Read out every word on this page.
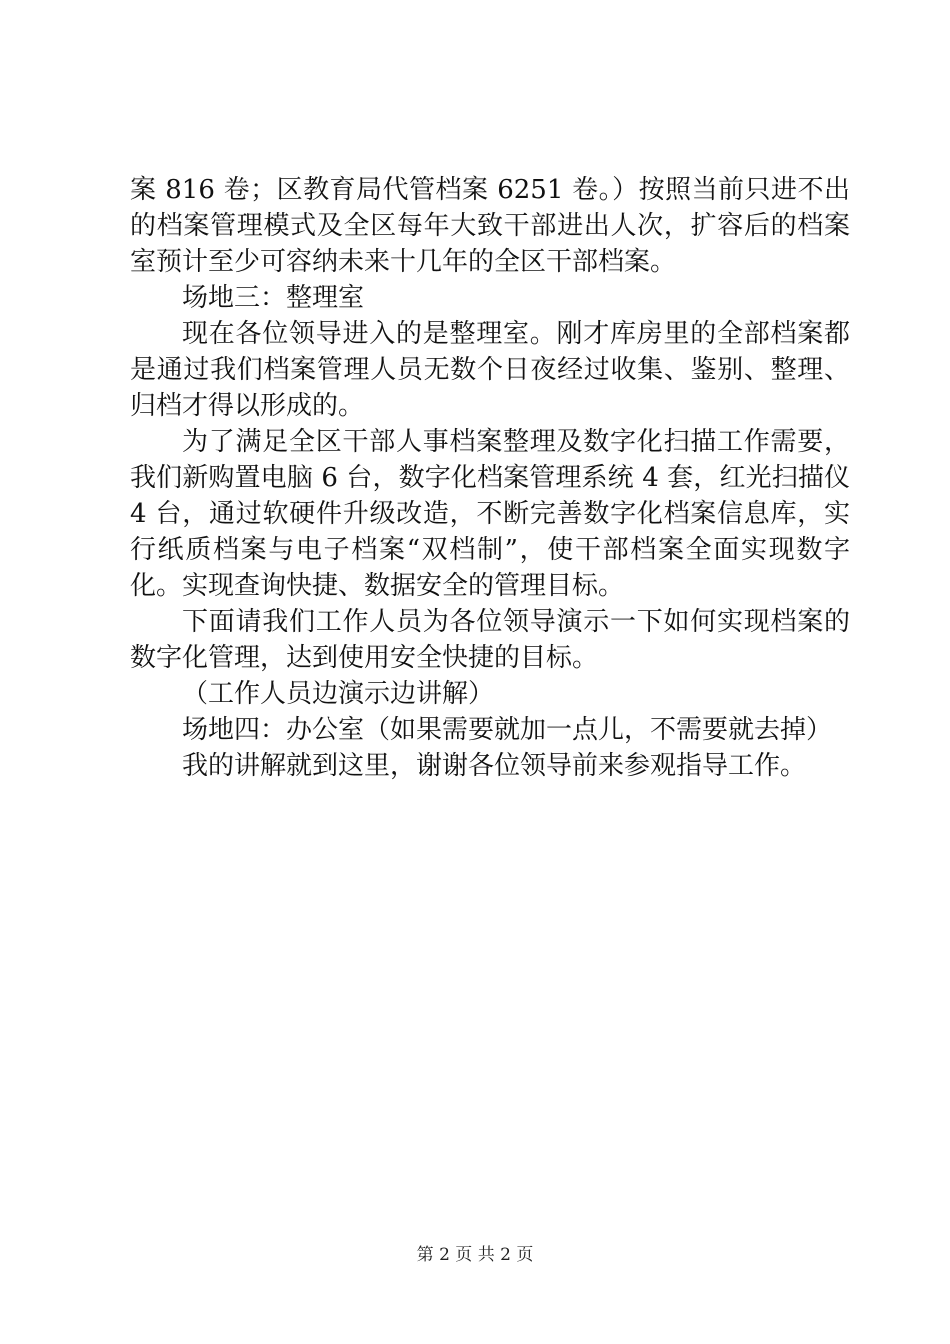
案 816 卷；区教育局代管档案 6251 卷。）按照当前只进不出的档案管理模式及全区每年大致干部进出人次，扩容后的档案室预计至少可容纳未来十几年的全区干部档案。

场地三：整理室

现在各位领导进入的是整理室。刚才库房里的全部档案都是通过我们档案管理人员无数个日夜经过收集、鉴别、整理、归档才得以形成的。

为了满足全区干部人事档案整理及数字化扫描工作需要，我们新购置电脑 6 台，数字化档案管理系统 4 套，红光扫描仪 4 台，通过软硬件升级改造，不断完善数字化档案信息库，实行纸质档案与电子档案“双档制”，使干部档案全面实现数字化。实现查询快捷、数据安全的管理目标。

下面请我们工作人员为各位领导演示一下如何实现档案的数字化管理，达到使用安全快捷的目标。

（工作人员边演示边讲解）

场地四：办公室（如果需要就加一点儿，不需要就去掉）

我的讲解就到这里，谢谢各位领导前来参观指导工作。

第 2 页 共 2 页
